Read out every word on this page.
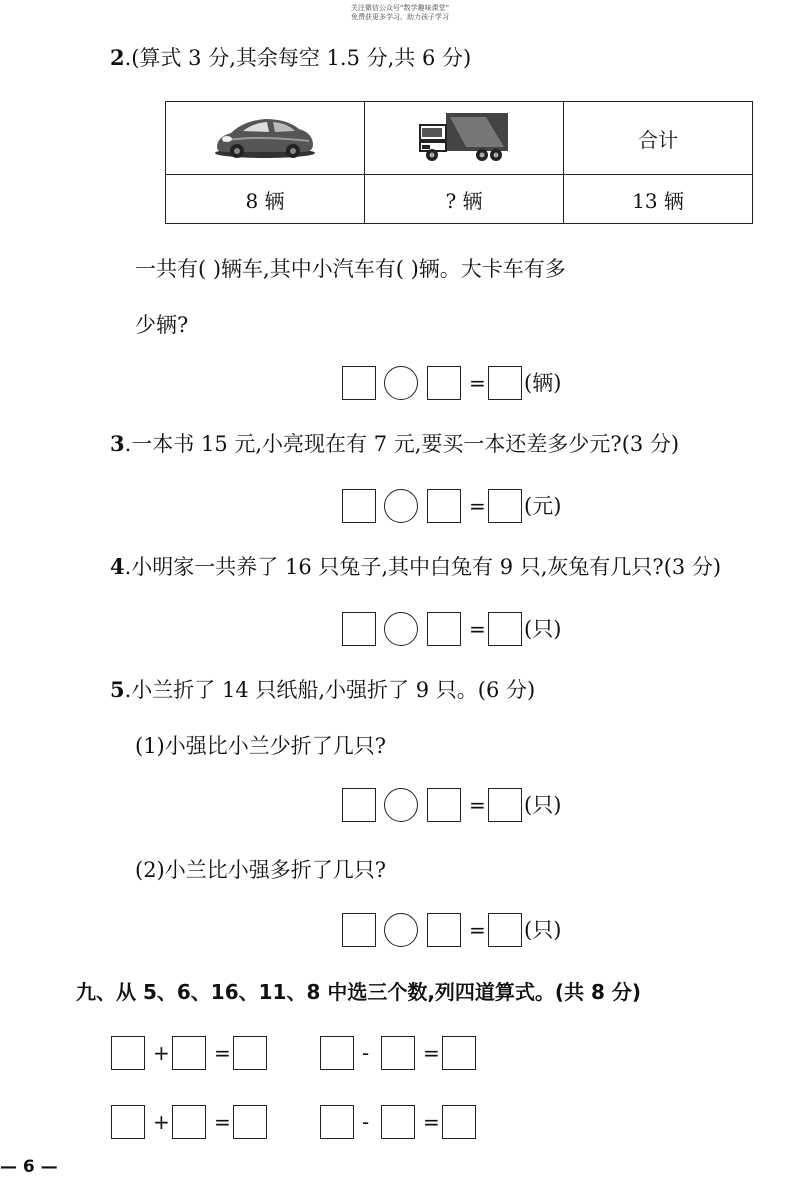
关注微信公众号“数学趣味课堂”
免费获更多学习、助力孩子学习
2.(算式 3 分,其余每空 1.5 分,共 6 分)
		合计
8 辆	? 辆	13 辆
一共有( )辆车,其中小汽车有( )辆。大卡车有多
少辆?
= (辆)
3.一本书 15 元,小亮现在有 7 元,要买一本还差多少元?(3 分)
= (元)
4.小明家一共养了 16 只兔子,其中白兔有 9 只,灰兔有几只?(3 分)
= (只)
5.小兰折了 14 只纸船,小强折了 9 只。(6 分)
(1)小强比小兰少折了几只?
= (只)
(2)小兰比小强多折了几只?
= (只)
九、从 5、6、16、11、8 中选三个数,列四道算式。(共 8 分)
+ =	-	=
+ =	-	=
— 6 —
